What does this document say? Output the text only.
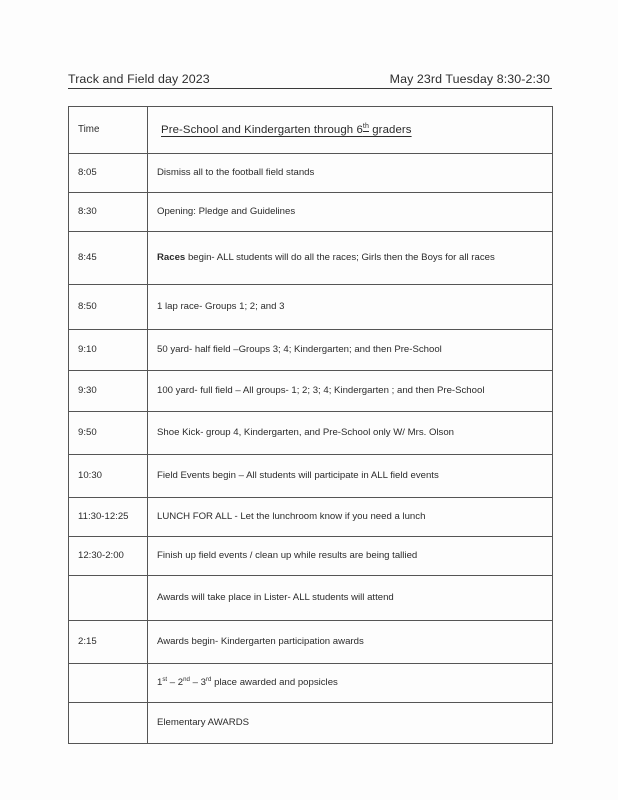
Track and Field day 2023	May 23rd Tuesday 8:30-2:30
Time	Pre-School and Kindergarten through 6th graders
8:05	Dismiss all to the football field stands
8:30	Opening: Pledge and Guidelines
8:45	Races begin- ALL students will do all the races; Girls then the Boys for all races
8:50	1 lap race- Groups 1; 2; and 3
9:10	50 yard- half field –Groups 3; 4; Kindergarten; and then Pre-School
9:30	100 yard- full field – All groups- 1; 2; 3; 4; Kindergarten ; and then Pre-School
9:50	Shoe Kick- group 4, Kindergarten, and Pre-School only W/ Mrs. Olson
10:30	Field Events begin – All students will participate in ALL field events
11:30-12:25	LUNCH FOR ALL - Let the lunchroom know if you need a lunch
12:30-2:00	Finish up field events / clean up while results are being tallied
	Awards will take place in Lister- ALL students will attend
2:15	Awards begin- Kindergarten participation awards
	1st – 2nd – 3rd place awarded and popsicles
	Elementary AWARDS
